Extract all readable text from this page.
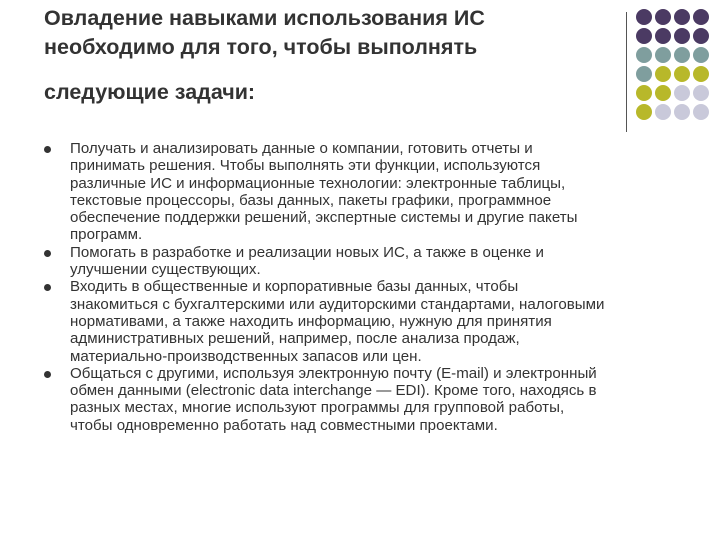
Овладение навыками использования ИС
необходимо для того, чтобы выполнять
следующие задачи:
Получать и анализировать данные о компании, готовить отчеты и
принимать решения. Чтобы выполнять эти функции, используются
различные ИС и информационные технологии: электронные таблицы,
текстовые процессоры, базы данных, пакеты графики, программное
обеспечение поддержки решений, экспертные системы и другие пакеты
программ.
Помогать в разработке и реализации новых ИС, а также в оценке и
улучшении существующих.
Входить в общественные и корпоративные базы данных, чтобы
знакомиться с бухгалтерскими или аудиторскими стандартами, налоговыми
нормативами, а также находить информацию, нужную для принятия
административных решений, например, после анализа продаж,
материально-производственных запасов или цен.
Общаться с другими, используя электронную почту (E-mail) и электронный
обмен данными (electronic data interchange — EDI). Кроме того, находясь в
разных местах, многие используют программы для групповой работы,
чтобы одновременно работать над совместными проектами.
